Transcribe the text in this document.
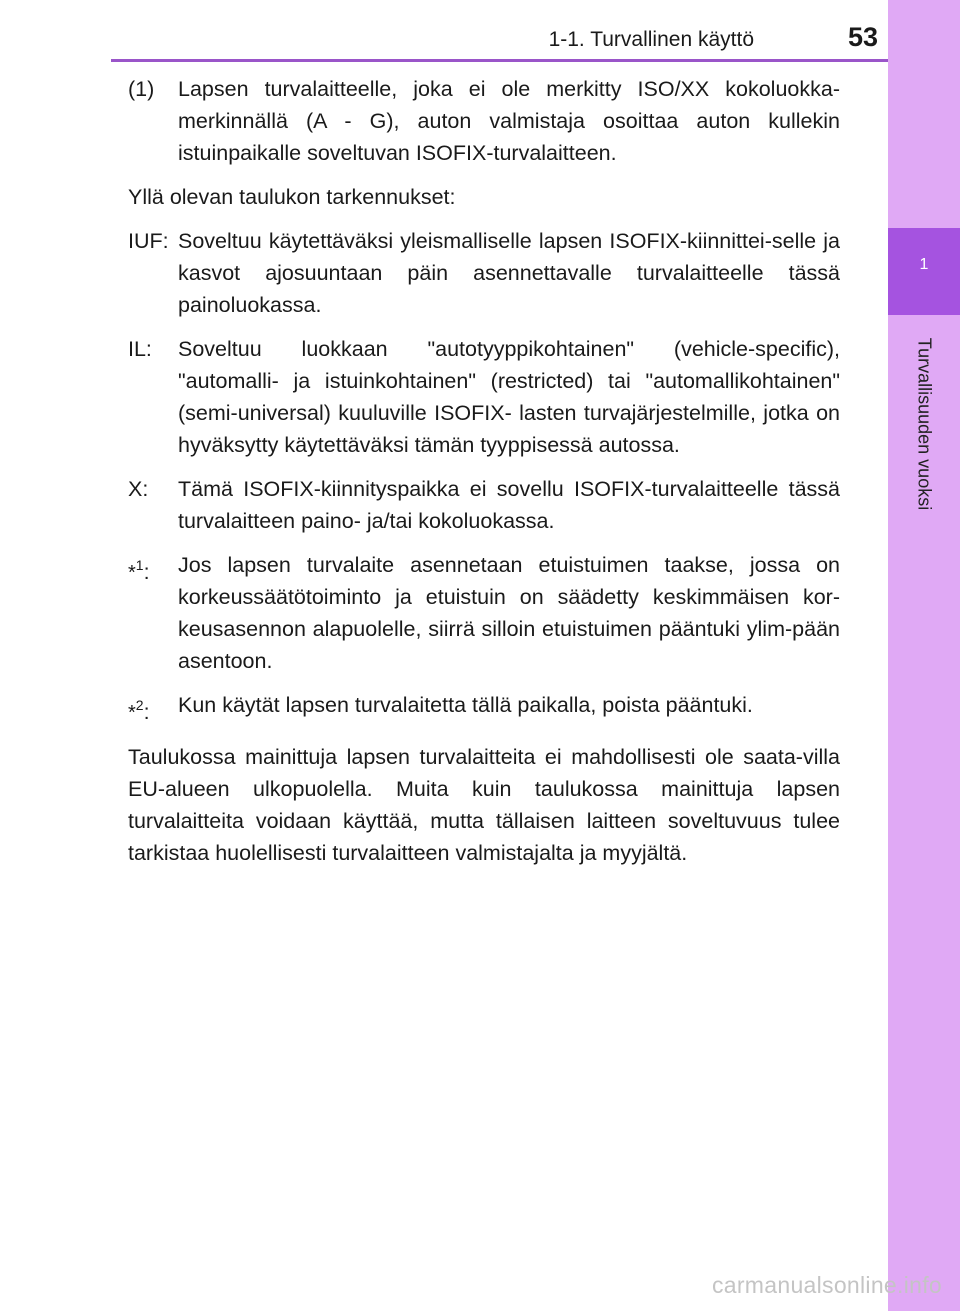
1-1. Turvallinen käyttö	53
1
Turvallisuuden vuoksi
(1)	Lapsen turvalaitteelle, joka ei ole merkitty ISO/XX kokoluokka-merkinnällä (A - G), auton valmistaja osoittaa auton kullekin istuinpaikalle soveltuvan ISOFIX-turvalaitteen.
Yllä olevan taulukon tarkennukset:
IUF: Soveltuu käytettäväksi yleismalliselle lapsen ISOFIX-kiinnittei-selle ja kasvot ajosuuntaan päin asennettavalle turvalaitteelle tässä painoluokassa.
IL:	Soveltuu luokkaan "autotyyppikohtainen" (vehicle-specific), "automalli- ja istuinkohtainen" (restricted) tai "automallikohtainen" (semi-universal) kuuluville ISOFIX- lasten turvajärjestelmille, jotka on hyväksytty käytettäväksi tämän tyyppisessä autossa.
X:	Tämä ISOFIX-kiinnityspaikka ei sovellu ISOFIX-turvalaitteelle tässä turvalaitteen paino- ja/tai kokoluokassa.
*$^1$:	Jos lapsen turvalaite asennetaan etuistuimen taakse, jossa on korkeussäätötoiminto ja etuistuin on säädetty keskimmäisen kor-keusasennon alapuolelle, siirrä silloin etuistuimen pääntuki ylim-pään asentoon.
*$^2$:	Kun käytät lapsen turvalaitetta tällä paikalla, poista pääntuki.
Taulukossa mainittuja lapsen turvalaitteita ei mahdollisesti ole saata-villa EU-alueen ulkopuolella. Muita kuin taulukossa mainittuja lapsen turvalaitteita voidaan käyttää, mutta tällaisen laitteen soveltuvuus tulee tarkistaa huolellisesti turvalaitteen valmistajalta ja myyjältä.
carmanualsonline.info
